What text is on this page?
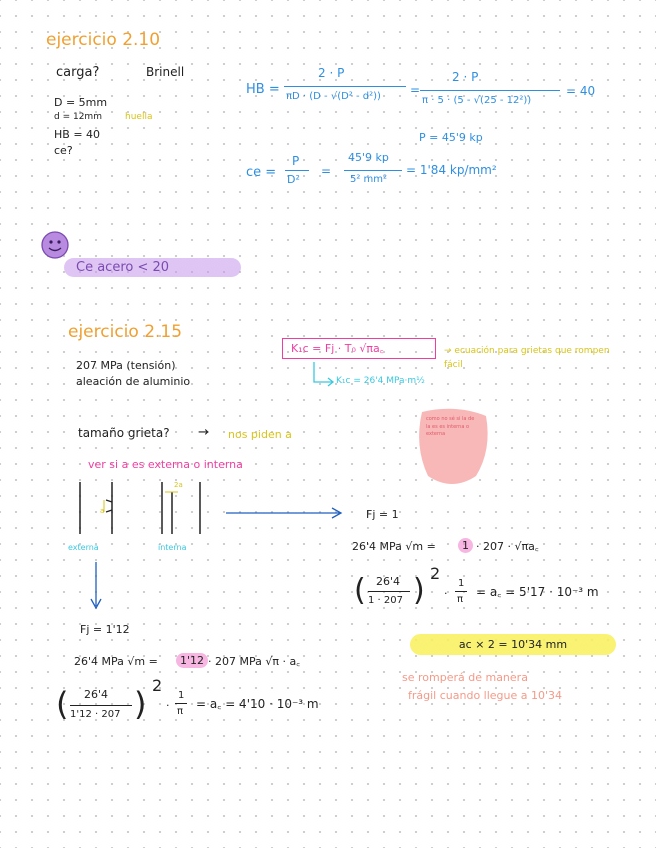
ejercicio 2.10
carga?	Brinell
D = 5mm
d = 12mm	huella
HB = 40
ce?
HB =
2 · P
πD · (D - √(D² - d²)) =
2 · P
π · 5 · (5 - √(25 - 12²))
= 40
P = 45'9 kp
ce =
P
D²
=
45'9 kp
5² mm²
= 1'84 kp/mm²
Ce acero < 20
ejercicio 2.15
207 MPa (tensión)
aleación de aluminio
K₁c = Fj · T₀ √πa꜀	→ ecuación para grietas que rompen fácil
K₁c = 26'4 MPa·m½
tamaño grieta? → nos piden a
ver si a es externa o interna
como no sé si la de la es es interna o externa
a
2a
externa	interna
Fj = 1
26'4 MPa √m =	1 · 207 · √πa꜀
( 26'4
1 · 207 ) 2
·
1
π
= a꜀ = 5'17 · 10⁻³ m
ac × 2 = 10'34 mm
se romperá de manera
frágil cuando llegue a 10'34
Fj = 1'12
26'4 MPa √m =	1'12 · 207 MPa √π · a꜀
( 26'4
1'12 · 207 ) 2
·
1
π
= a꜀ = 4'10 · 10⁻³ m
